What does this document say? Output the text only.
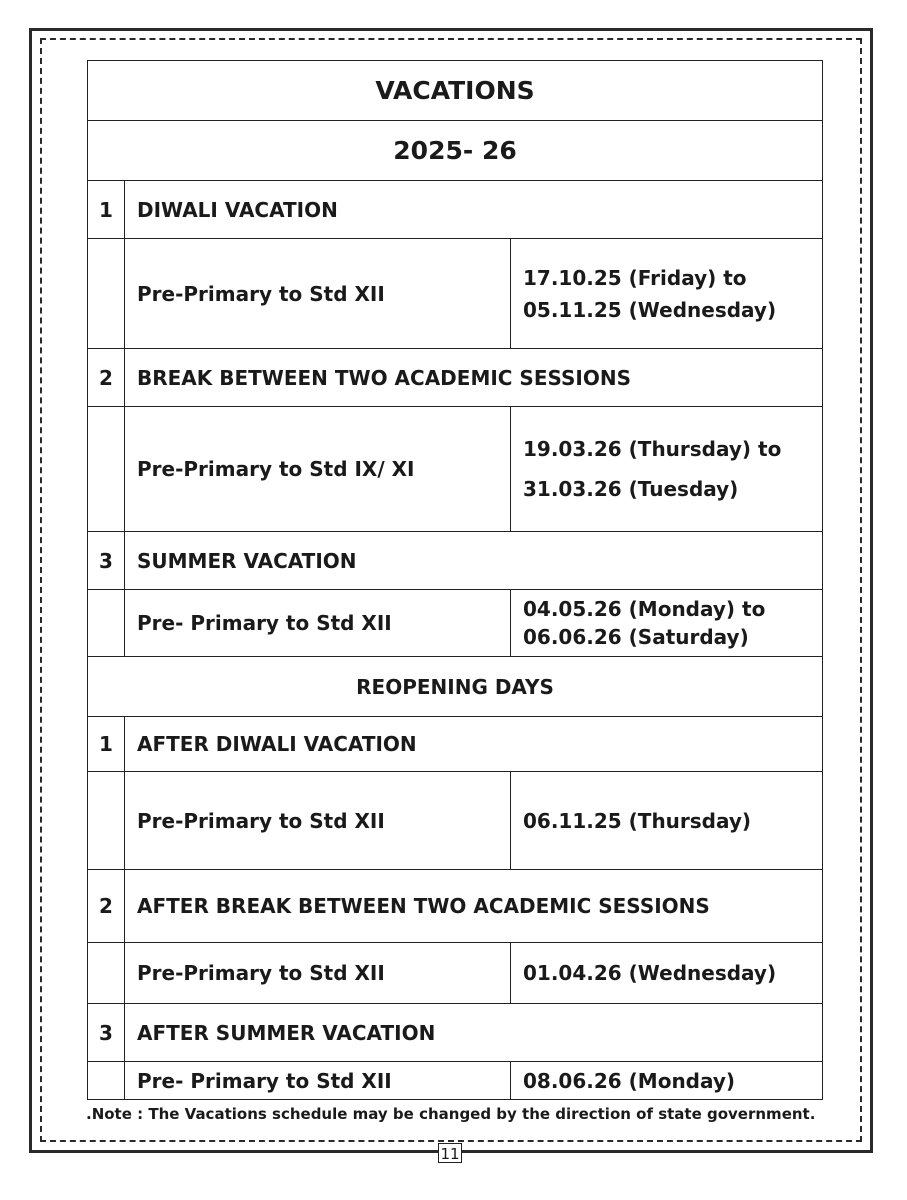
VACATIONS		
2025- 26		
1	DIWALI VACATION	
	Pre-Primary to Std XII	17.10.25 (Friday) to
05.11.25 (Wednesday)

2	BREAK BETWEEN TWO ACADEMIC SESSIONS	
	Pre-Primary to Std IX/ XI	19.03.26 (Thursday) to
31.03.26 (Tuesday)

3	SUMMER VACATION	
	Pre- Primary to Std XII	04.05.26 (Monday) to
06.06.26 (Saturday)

REOPENING DAYS		
1	AFTER DIWALI VACATION	
	Pre-Primary to Std XII	06.11.25 (Thursday)
2	AFTER BREAK BETWEEN TWO ACADEMIC SESSIONS	
	Pre-Primary to Std XII	01.04.26 (Wednesday)
3	AFTER SUMMER VACATION	
	Pre- Primary to Std XII	08.06.26 (Monday)
.Note : The Vacations schedule may be changed by the direction of state government.
11
